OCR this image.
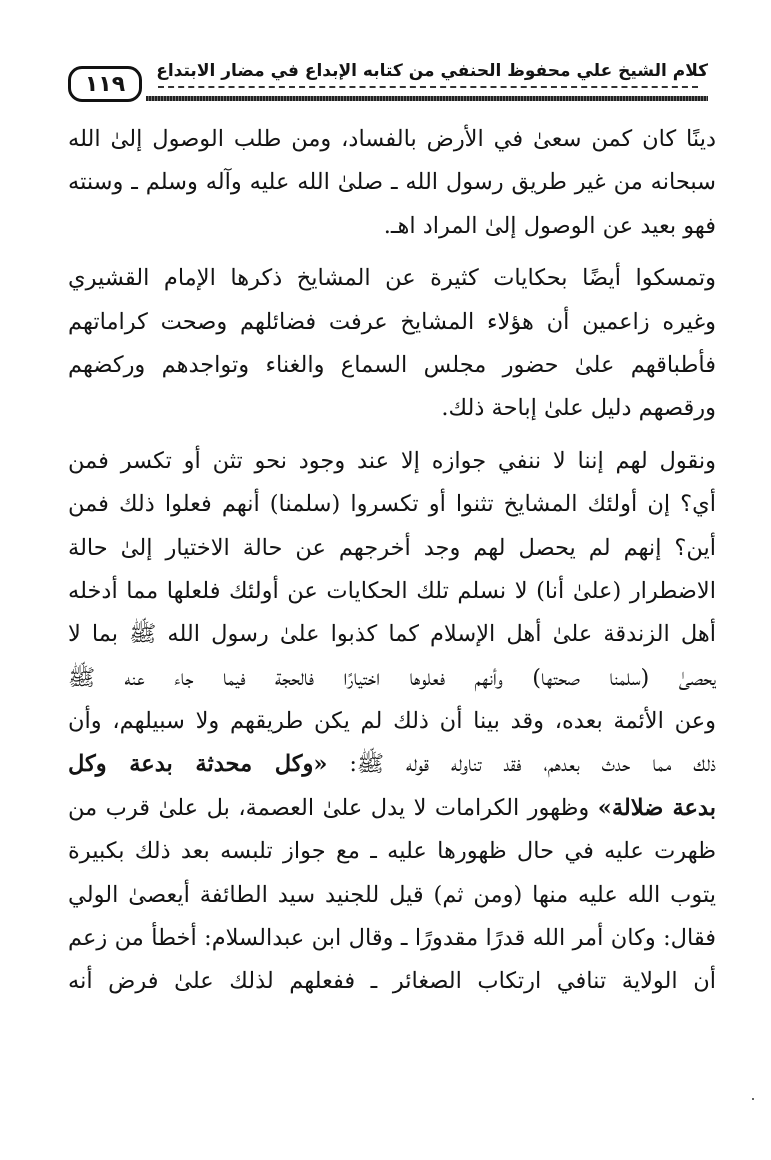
١١٩
كلام الشيخ علي محفوظ الحنفي من كتابه الإبداع في مضار الابتداع
دينًا كان كمن سعىٰ في الأرض بالفساد، ومن طلب الوصول إلىٰ الله
سبحانه من غير طريق رسول الله ـ صلىٰ الله عليه وآله وسلم ـ وسنته
فهو بعيد عن الوصول إلىٰ المراد اهـ.
وتمسكوا أيضًا بحكايات كثيرة عن المشايخ ذكرها الإمام القشيري
وغيره زاعمين أن هؤلاء المشايخ عرفت فضائلهم وصحت كراماتهم
فأطباقهم علىٰ حضور مجلس السماع والغناء وتواجدهم وركضهم
ورقصهم دليل علىٰ إباحة ذلك.
ونقول لهم إننا لا ننفي جوازه إلا عند وجود نحو تثن أو تكسر فمن
أي؟ إن أولئك المشايخ تثنوا أو تكسروا (سلمنا) أنهم فعلوا ذلك فمن
أين؟ إنهم لم يحصل لهم وجد أخرجهم عن حالة الاختيار إلىٰ حالة
الاضطرار (علىٰ أنا) لا نسلم تلك الحكايات عن أولئك فلعلها مما أدخله
أهل الزندقة علىٰ أهل الإسلام كما كذبوا علىٰ رسول الله ﷺ بما لا
يحصىٰ (سلمنا صحتها) وأنهم فعلوها اختيارًا فالحجة فيما جاء عنه ﷺ
وعن الأئمة بعده، وقد بينا أن ذلك لم يكن طريقهم ولا سبيلهم، وأن
ذلك مما حدث بعدهم، فقد تناوله قوله ﷺ: «وكل محدثة بدعة وكل
بدعة ضلالة» وظهور الكرامات لا يدل علىٰ العصمة، بل علىٰ قرب من
ظهرت عليه في حال ظهورها عليه ـ مع جواز تلبسه بعد ذلك بكبيرة
يتوب الله عليه منها (ومن ثم) قيل للجنيد سيد الطائفة أيعصىٰ الولي
فقال: وكان أمر الله قدرًا مقدورًا ـ وقال ابن عبدالسلام: أخطأ من زعم
أن الولاية تنافي ارتكاب الصغائر ـ ففعلهم لذلك علىٰ فرض أنه
